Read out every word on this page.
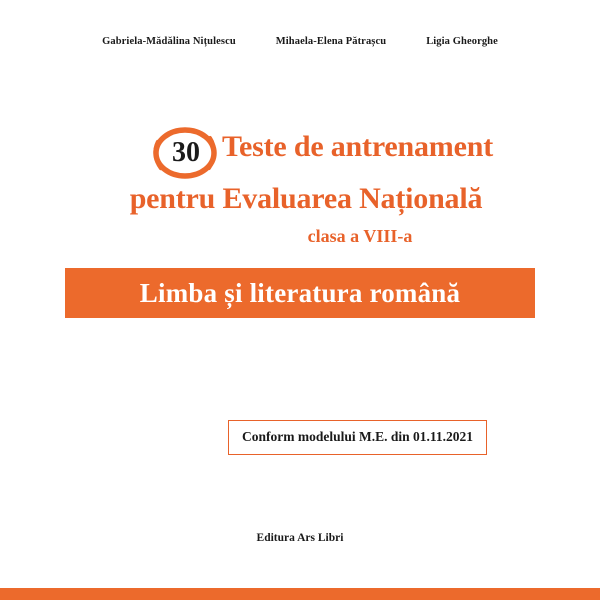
Gabriela-Mădălina Nițulescu	Mihaela-Elena Pătrașcu	Ligia Gheorghe
30 Teste de antrenament
pentru Evaluarea Națională
clasa a VIII-a
Limba și literatura română
Conform modelului M.E. din 01.11.2021
Editura Ars Libri
